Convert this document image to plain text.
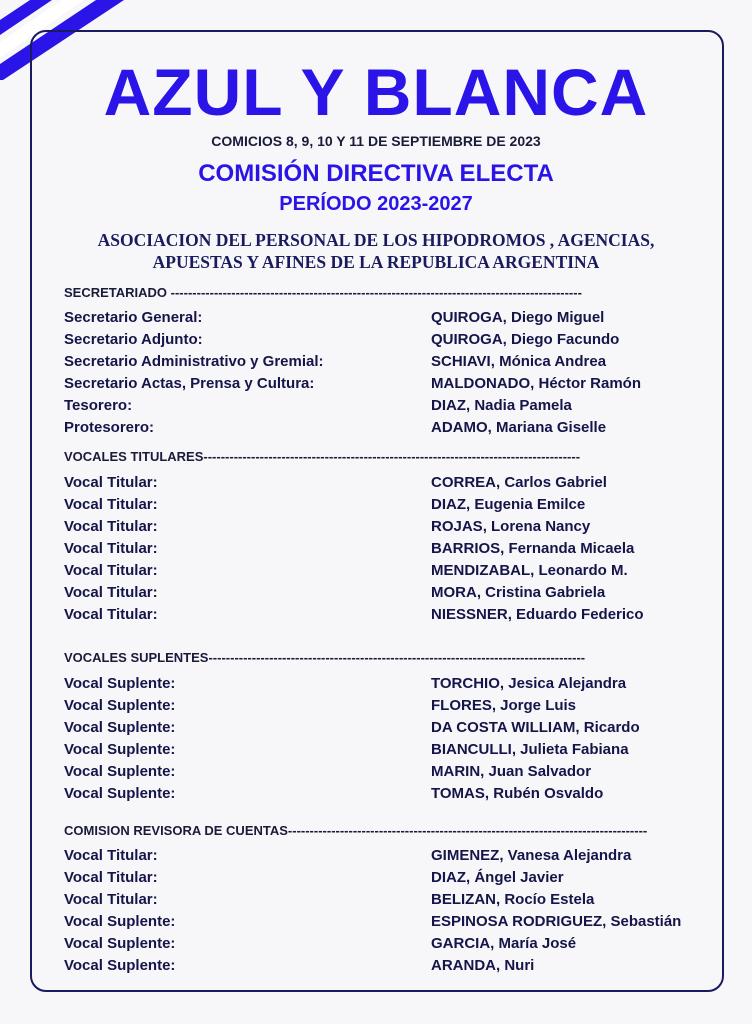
AZUL Y BLANCA
COMICIOS 8, 9, 10 Y 11 DE SEPTIEMBRE DE 2023
COMISIÓN DIRECTIVA ELECTA
PERÍODO 2023-2027
ASOCIACION DEL PERSONAL DE LOS HIPODROMOS , AGENCIAS,
APUESTAS Y AFINES DE LA REPUBLICA ARGENTINA
SECRETARIADO -----------------------------------------------------------------------------------------------
Secretario General:	QUIROGA, Diego Miguel
Secretario Adjunto:	QUIROGA, Diego Facundo
Secretario Administrativo y Gremial:	SCHIAVI, Mónica Andrea
Secretario Actas, Prensa y Cultura:	MALDONADO, Héctor Ramón
Tesorero:	DIAZ, Nadia Pamela
Protesorero:	ADAMO, Mariana Giselle
VOCALES TITULARES---------------------------------------------------------------------------------------
Vocal Titular:	CORREA, Carlos Gabriel
Vocal Titular:	DIAZ, Eugenia Emilce
Vocal Titular:	ROJAS, Lorena Nancy
Vocal Titular:	BARRIOS, Fernanda Micaela
Vocal Titular:	MENDIZABAL, Leonardo M.
Vocal Titular:	MORA, Cristina Gabriela
Vocal Titular:	NIESSNER, Eduardo Federico
VOCALES SUPLENTES---------------------------------------------------------------------------------------
Vocal Suplente:	TORCHIO, Jesica Alejandra
Vocal Suplente:	FLORES, Jorge Luis
Vocal Suplente:	DA COSTA WILLIAM, Ricardo
Vocal Suplente:	BIANCULLI, Julieta Fabiana
Vocal Suplente:	MARIN, Juan Salvador
Vocal Suplente:	TOMAS, Rubén Osvaldo
COMISION REVISORA DE CUENTAS-----------------------------------------------------------------------------------
Vocal Titular:	GIMENEZ, Vanesa Alejandra
Vocal Titular:	DIAZ, Ángel Javier
Vocal Titular:	BELIZAN, Rocío Estela
Vocal Suplente:	ESPINOSA RODRIGUEZ, Sebastián
Vocal Suplente:	GARCIA, María José
Vocal Suplente:	ARANDA, Nuri
